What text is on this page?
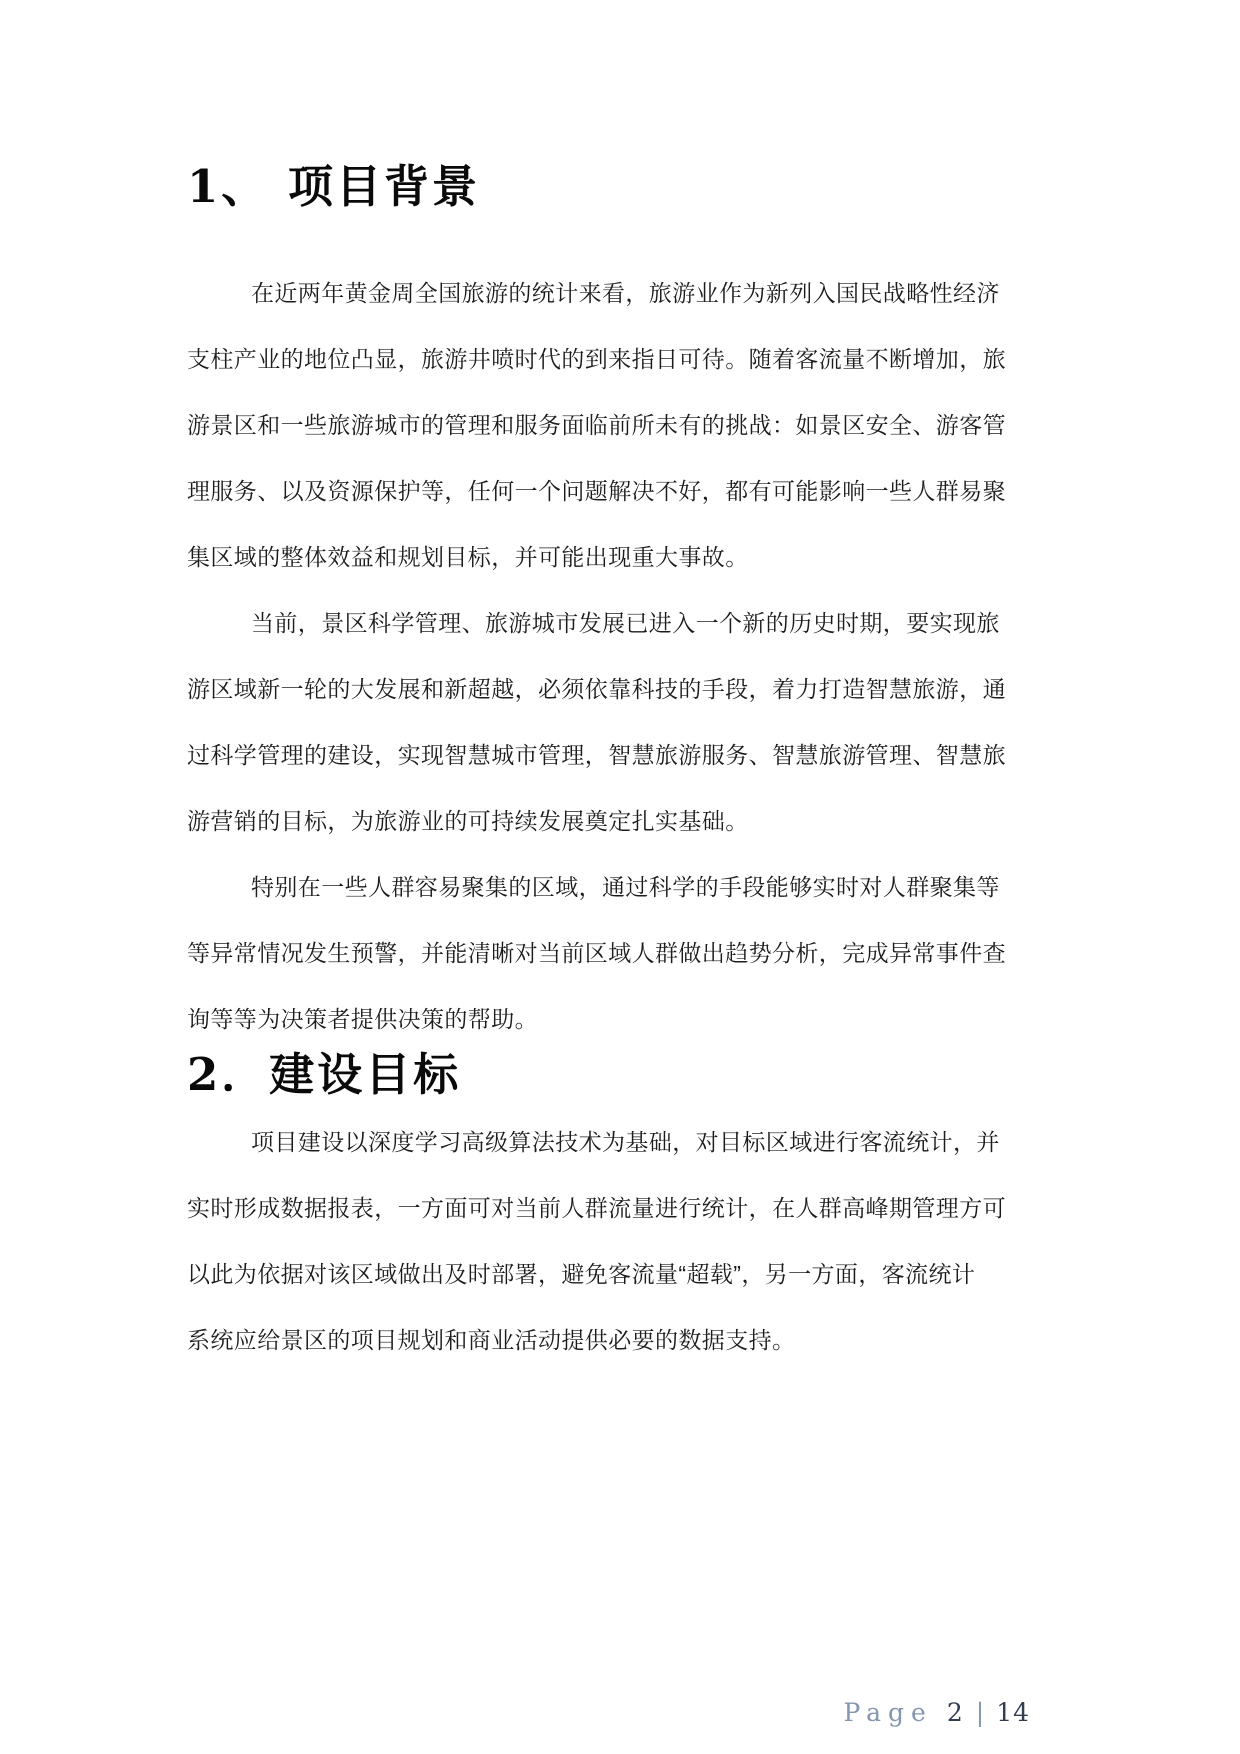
1、 项目背景
在近两年黄金周全国旅游的统计来看，旅游业作为新列入国民战略性经济
支柱产业的地位凸显，旅游井喷时代的到来指日可待。随着客流量不断增加，旅
游景区和一些旅游城市的管理和服务面临前所未有的挑战：如景区安全、游客管
理服务、以及资源保护等，任何一个问题解决不好，都有可能影响一些人群易聚
集区域的整体效益和规划目标，并可能出现重大事故。
当前，景区科学管理、旅游城市发展已进入一个新的历史时期，要实现旅
游区域新一轮的大发展和新超越，必须依靠科技的手段，着力打造智慧旅游，通
过科学管理的建设，实现智慧城市管理，智慧旅游服务、智慧旅游管理、智慧旅
游营销的目标，为旅游业的可持续发展奠定扎实基础。
特别在一些人群容易聚集的区域，通过科学的手段能够实时对人群聚集等
等异常情况发生预警，并能清晰对当前区域人群做出趋势分析，完成异常事件查
询等等为决策者提供决策的帮助。
2．建设目标
项目建设以深度学习高级算法技术为基础，对目标区域进行客流统计，并
实时形成数据报表，一方面可对当前人群流量进行统计，在人群高峰期管理方可
以此为依据对该区域做出及时部署，避免客流量“超载”，另一方面，客流统计
系统应给景区的项目规划和商业活动提供必要的数据支持。
Page 2 | 14
